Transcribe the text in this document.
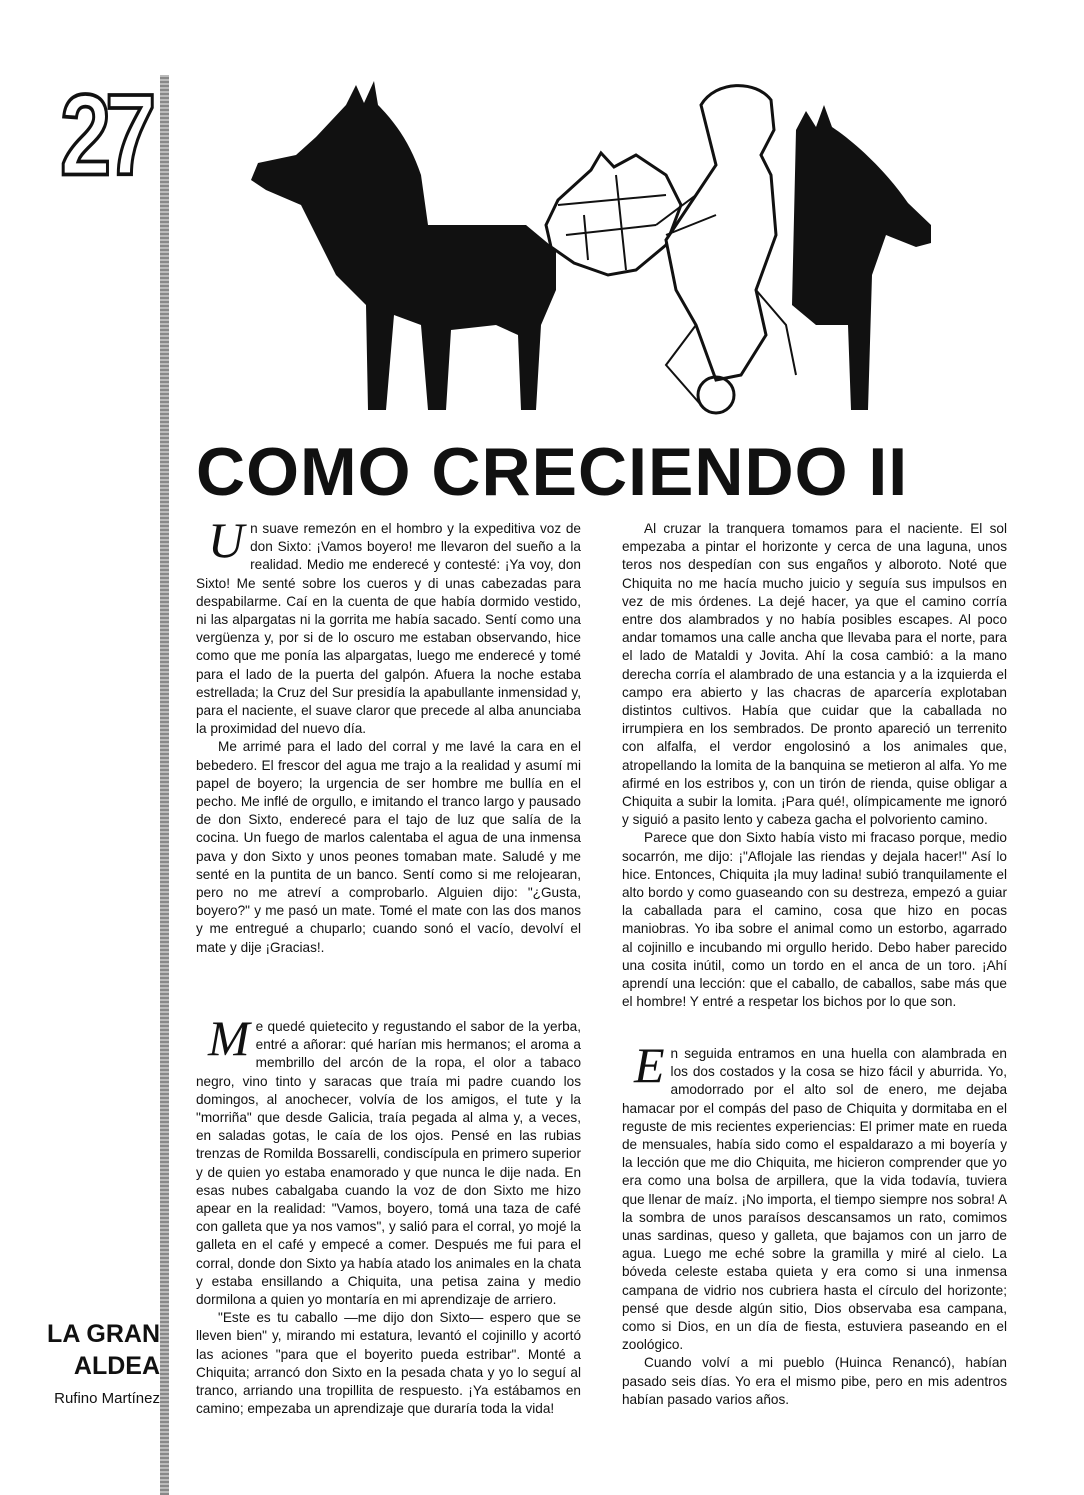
27
COMO CRECIENDO II

Un suave remezón en el hombro y la expeditiva voz de don Sixto: ¡Vamos boyero! me llevaron del sueño a la realidad. Medio me enderecé y contesté: ¡Ya voy, don Sixto! Me senté sobre los cueros y di unas cabezadas para despabilarme. Caí en la cuenta de que había dormido vestido, ni las alpargatas ni la gorrita me había sacado. Sentí como una vergüenza y, por si de lo oscuro me estaban observando, hice como que me ponía las alpargatas, luego me enderecé y tomé para el lado de la puerta del galpón. Afuera la noche estaba estrellada; la Cruz del Sur presidía la apabullante inmensidad y, para el naciente, el suave claror que precede al alba anunciaba la proximidad del nuevo día.

Me arrimé para el lado del corral y me lavé la cara en el bebedero. El frescor del agua me trajo a la realidad y asumí mi papel de boyero; la urgencia de ser hombre me bullía en el pecho. Me inflé de orgullo, e imitando el tranco largo y pausado de don Sixto, enderecé para el tajo de luz que salía de la cocina. Un fuego de marlos calentaba el agua de una inmensa pava y don Sixto y unos peones tomaban mate. Saludé y me senté en la puntita de un banco. Sentí como si me relojearan, pero no me atreví a comprobarlo. Alguien dijo: "¿Gusta, boyero?" y me pasó un mate. Tomé el mate con las dos manos y me entregué a chuparlo; cuando sonó el vacío, devolví el mate y dije ¡Gracias!.

Me quedé quietecito y regustando el sabor de la yerba, entré a añorar: qué harían mis hermanos; el aroma a membrillo del arcón de la ropa, el olor a tabaco negro, vino tinto y saracas que traía mi padre cuando los domingos, al anochecer, volvía de los amigos, el tute y la "morriña" que desde Galicia, traía pegada al alma y, a veces, en saladas gotas, le caía de los ojos. Pensé en las rubias trenzas de Romilda Bossarelli, condiscípula en primero superior y de quien yo estaba enamorado y que nunca le dije nada. En esas nubes cabalgaba cuando la voz de don Sixto me hizo apear en la realidad: "Vamos, boyero, tomá una taza de café con galleta que ya nos vamos", y salió para el corral, yo mojé la galleta en el café y empecé a comer. Después me fui para el corral, donde don Sixto ya había atado los animales en la chata y estaba ensillando a Chiquita, una petisa zaina y medio dormilona a quien yo montaría en mi aprendizaje de arriero.

"Este es tu caballo —me dijo don Sixto— espero que se lleven bien" y, mirando mi estatura, levantó el cojinillo y acortó las aciones "para que el boyerito pueda estribar". Monté a Chiquita; arrancó don Sixto en la pesada chata y yo lo seguí al tranco, arriando una tropillita de respuesto. ¡Ya estábamos en camino; empezaba un aprendizaje que duraría toda la vida!

Al cruzar la tranquera tomamos para el naciente. El sol empezaba a pintar el horizonte y cerca de una laguna, unos teros nos despedían con sus engaños y alboroto. Noté que Chiquita no me hacía mucho juicio y seguía sus impulsos en vez de mis órdenes. La dejé hacer, ya que el camino corría entre dos alambrados y no había posibles escapes. Al poco andar tomamos una calle ancha que llevaba para el norte, para el lado de Mataldi y Jovita. Ahí la cosa cambió: a la mano derecha corría el alambrado de una estancia y a la izquierda el campo era abierto y las chacras de aparcería explotaban distintos cultivos. Había que cuidar que la caballada no irrumpiera en los sembrados. De pronto apareció un terrenito con alfalfa, el verdor engolosinó a los animales que, atropellando la lomita de la banquina se metieron al alfa. Yo me afirmé en los estribos y, con un tirón de rienda, quise obligar a Chiquita a subir la lomita. ¡Para qué!, olímpicamente me ignoró y siguió a pasito lento y cabeza gacha el polvoriento camino.

Parece que don Sixto había visto mi fracaso porque, medio socarrón, me dijo: ¡"Aflojale las riendas y dejala hacer!" Así lo hice. Entonces, Chiquita ¡la muy ladina! subió tranquilamente el alto bordo y como guaseando con su destreza, empezó a guiar la caballada para el camino, cosa que hizo en pocas maniobras. Yo iba sobre el animal como un estorbo, agarrado al cojinillo e incubando mi orgullo herido. Debo haber parecido una cosita inútil, como un tordo en el anca de un toro. ¡Ahí aprendí una lección: que el caballo, de caballos, sabe más que el hombre! Y entré a respetar los bichos por lo que son.

En seguida entramos en una huella con alambrada en los dos costados y la cosa se hizo fácil y aburrida. Yo, amodorrado por el alto sol de enero, me dejaba hamacar por el compás del paso de Chiquita y dormitaba en el reguste de mis recientes experiencias: El primer mate en rueda de mensuales, había sido como el espaldarazo a mi boyería y la lección que me dio Chiquita, me hicieron comprender que yo era como una bolsa de arpillera, que la vida todavía, tuviera que llenar de maíz. ¡No importa, el tiempo siempre nos sobra! A la sombra de unos paraísos descansamos un rato, comimos unas sardinas, queso y galleta, que bajamos con un jarro de agua. Luego me eché sobre la gramilla y miré al cielo. La bóveda celeste estaba quieta y era como si una inmensa campana de vidrio nos cubriera hasta el círculo del horizonte; pensé que desde algún sitio, Dios observaba esa campana, como si Dios, en un día de fiesta, estuviera paseando en el zoológico.

Cuando volví a mi pueblo (Huinca Renancó), habían pasado seis días. Yo era el mismo pibe, pero en mis adentros habían pasado varios años.

LA GRAN
ALDEA
Rufino Martínez
